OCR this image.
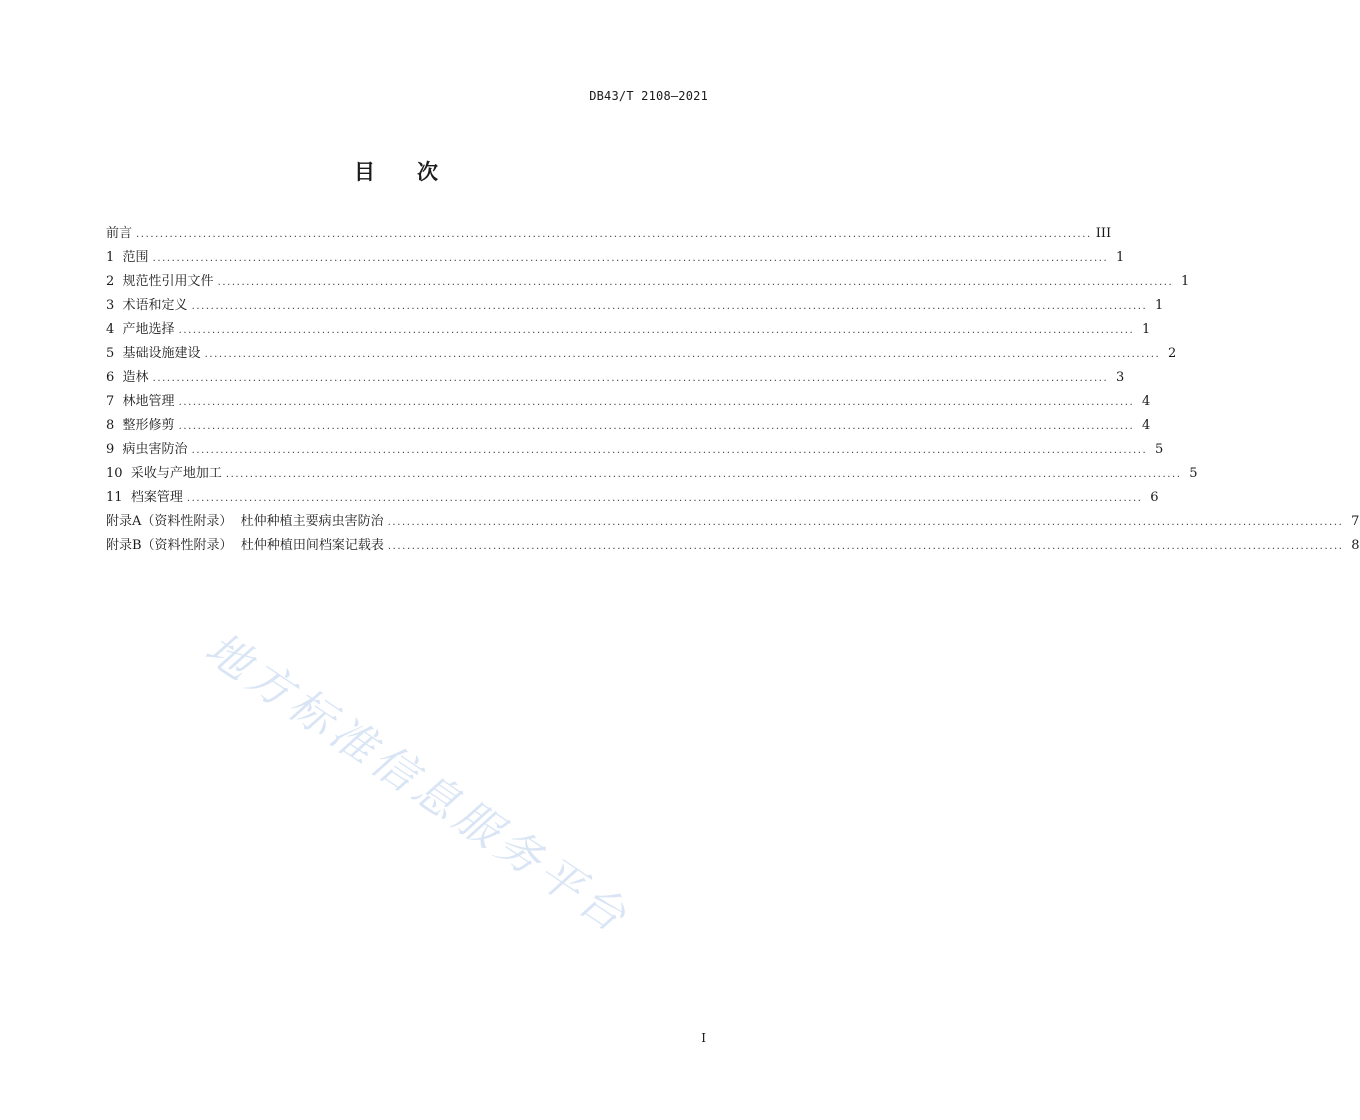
DB43/T 2108—2021
目 次
前言 ........................................................................................................................................................................................................ III
1 范围 ........................................................................................................................................................................................................ 1
2 规范性引用文件 ........................................................................................................................................................................................................ 1
3 术语和定义 ........................................................................................................................................................................................................ 1
4 产地选择 ........................................................................................................................................................................................................ 1
5 基础设施建设 ........................................................................................................................................................................................................ 2
6 造林 ........................................................................................................................................................................................................ 3
7 林地管理 ........................................................................................................................................................................................................ 4
8 整形修剪 ........................................................................................................................................................................................................ 4
9 病虫害防治 ........................................................................................................................................................................................................ 5
10 采收与产地加工 ........................................................................................................................................................................................................ 5
11 档案管理 ........................................................................................................................................................................................................ 6
附录A（资料性附录）  杜仲种植主要病虫害防治 ........................................................................................................................................................................................................ 7
附录B（资料性附录）  杜仲种植田间档案记载表 ........................................................................................................................................................................................................ 8
I
地方标准信息服务平台
